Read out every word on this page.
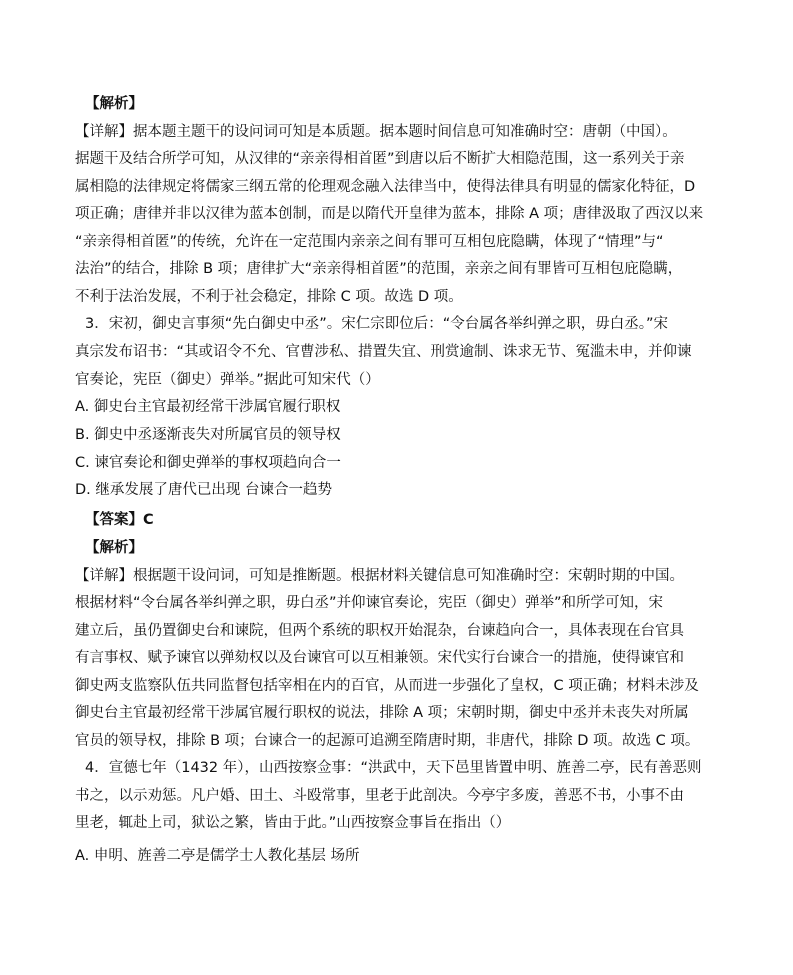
【解析】
【详解】据本题主题干的设问词可知是本质题。据本题时间信息可知准确时空：唐朝（中国）。
据题干及结合所学可知，从汉律的“亲亲得相首匿”到唐以后不断扩大相隐范围，这一系列关于亲
属相隐的法律规定将儒家三纲五常的伦理观念融入法律当中，使得法律具有明显的儒家化特征，D
项正确；唐律并非以汉律为蓝本创制，而是以隋代开皇律为蓝本，排除 A 项；唐律汲取了西汉以来
“亲亲得相首匿”的传统，允许在一定范围内亲亲之间有罪可互相包庇隐瞒，体现了“情理”与“
法治”的结合，排除 B 项；唐律扩大“亲亲得相首匿”的范围，亲亲之间有罪皆可互相包庇隐瞒，
不利于法治发展，不利于社会稳定，排除 C 项。故选 D 项。
3．宋初，御史言事须“先白御史中丞”。宋仁宗即位后：“令台属各举纠弹之职，毋白丞。”宋
真宗发布诏书：“其或诏令不允、官曹涉私、措置失宜、刑赏逾制、诛求无节、冤滥未申，并仰谏
官奏论，宪臣（御史）弹举。”据此可知宋代（）
A. 御史台主官最初经常干涉属官履行职权
B. 御史中丞逐渐丧失对所属官员的领导权
C. 谏官奏论和御史弹举的事权项趋向合一
D. 继承发展了唐代已出现 台谏合一趋势
【答案】C
【解析】
【详解】根据题干设问词，可知是推断题。根据材料关键信息可知准确时空：宋朝时期的中国。
根据材料“令台属各举纠弹之职，毋白丞”并仰谏官奏论，宪臣（御史）弹举”和所学可知，宋
建立后，虽仍置御史台和谏院，但两个系统的职权开始混杂，台谏趋向合一，具体表现在台官具
有言事权、赋予谏官以弹劾权以及台谏官可以互相兼领。宋代实行台谏合一的措施，使得谏官和
御史两支监察队伍共同监督包括宰相在内的百官，从而进一步强化了皇权，C 项正确；材料未涉及
御史台主官最初经常干涉属官履行职权的说法，排除 A 项；宋朝时期，御史中丞并未丧失对所属
官员的领导权，排除 B 项；台谏合一的起源可追溯至隋唐时期，非唐代，排除 D 项。故选 C 项。
4．宣德七年（1432 年），山西按察佥事：“洪武中，天下邑里皆置申明、旌善二亭，民有善恶则
书之，以示劝惩。凡户婚、田土、斗殴常事，里老于此剖决。今亭宇多废，善恶不书，小事不由
里老，辄赴上司，狱讼之繁，皆由于此。”山西按察佥事旨在指出（）
A. 申明、旌善二亭是儒学士人教化基层 场所
